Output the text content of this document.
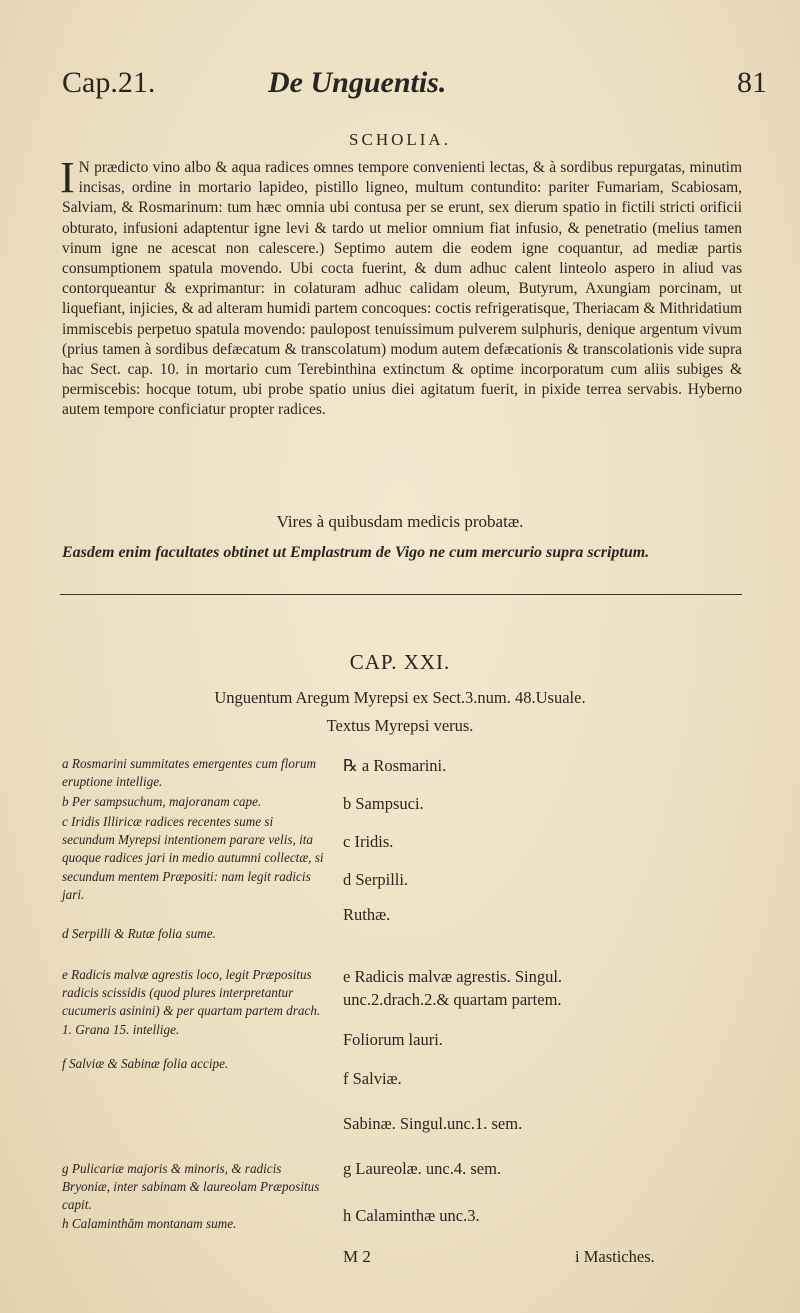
Cap.21.	De Unguentis.	81
SCHOLIA.
I N prædicto vino albo & aqua radices omnes tempore convenienti lectas, & à sordibus repurgatas, minutim incisas, ordine in mortario lapideo, pistillo ligneo, multum contundito: pariter Fumariam, Scabiosam, Salviam, & Rosmarinum: tum hæc omnia ubi contusa per se erunt, sex dierum spatio in fictili stricti orificii obturato, infusioni adaptentur igne levi & tardo ut melior omnium fiat infusio, & penetratio (melius tamen vinum igne ne acescat non calescere.) Septimo autem die eodem igne coquantur, ad mediæ partis consumptionem spatula movendo. Ubi cocta fuerint, & dum adhuc calent linteolo aspero in aliud vas contorqueantur & exprimantur: in colaturam adhuc calidam oleum, Butyrum, Axungiam porcinam, ut liquefiant, injicies, & ad alteram humidi partem concoques: coctis refrigeratisque, Theriacam & Mithridatium immiscebis perpetuo spatula movendo: paulopost tenuissimum pulverem sulphuris, denique argentum vivum (prius tamen à sordibus defæcatum & transcolatum) modum autem defæcationis & transcolationis vide supra hac Sect. cap. 10. in mortario cum Terebinthina extinctum & optime incorporatum cum aliis subiges & permiscebis: hocque totum, ubi probe spatio unius diei agitatum fuerit, in pixide terrea servabis. Hyberno autem tempore conficiatur propter radices.
Vires à quibusdam medicis probatæ.
Easdem enim facultates obtinet ut Emplastrum de Vigo ne cum mercurio supra scriptum.
CAP. XXI.
Unguentum Aregum Myrepsi ex Sect.3.num. 48.Usuale.
Textus Myrepsi verus.
a Rosmarini summitates emergentes cum florum eruptione intellige.
b Per sampsuchum, majoranam cape.
c Iridis Illiricæ radices recentes sume si secundum Myrepsi intentionem parare velis, ita quoque radices jari in medio autumni collectæ, si secundum mentem Præpositi: nam legit radicis jari.
d Serpilli & Rutæ folia sume.
e Radicis malvæ agrestis loco, legit Præpositus radicis scissidis (quod plures interpretantur cucumeris asinini) & per quartam partem drach. 1. Grana 15. intellige.
f Salviæ & Sabinæ folia accipe.
g Pulicariæ majoris & minoris, & radicis Bryoniæ, inter sabinam & laureolam Præpositus capit.
h Calaminthăm montanam sume.
℞ a Rosmarini.
b Sampsuci.
c Iridis.
d Serpilli.
Ruthæ.
e Radicis malvæ agrestis. Singul.
unc.2.drach.2.& quartam partem.
Foliorum lauri.
f Salviæ.
Sabinæ. Singul.unc.1. sem.
g Laureolæ. unc.4. sem.
h Calaminthæ unc.3.
i Mastiches.
M 2
